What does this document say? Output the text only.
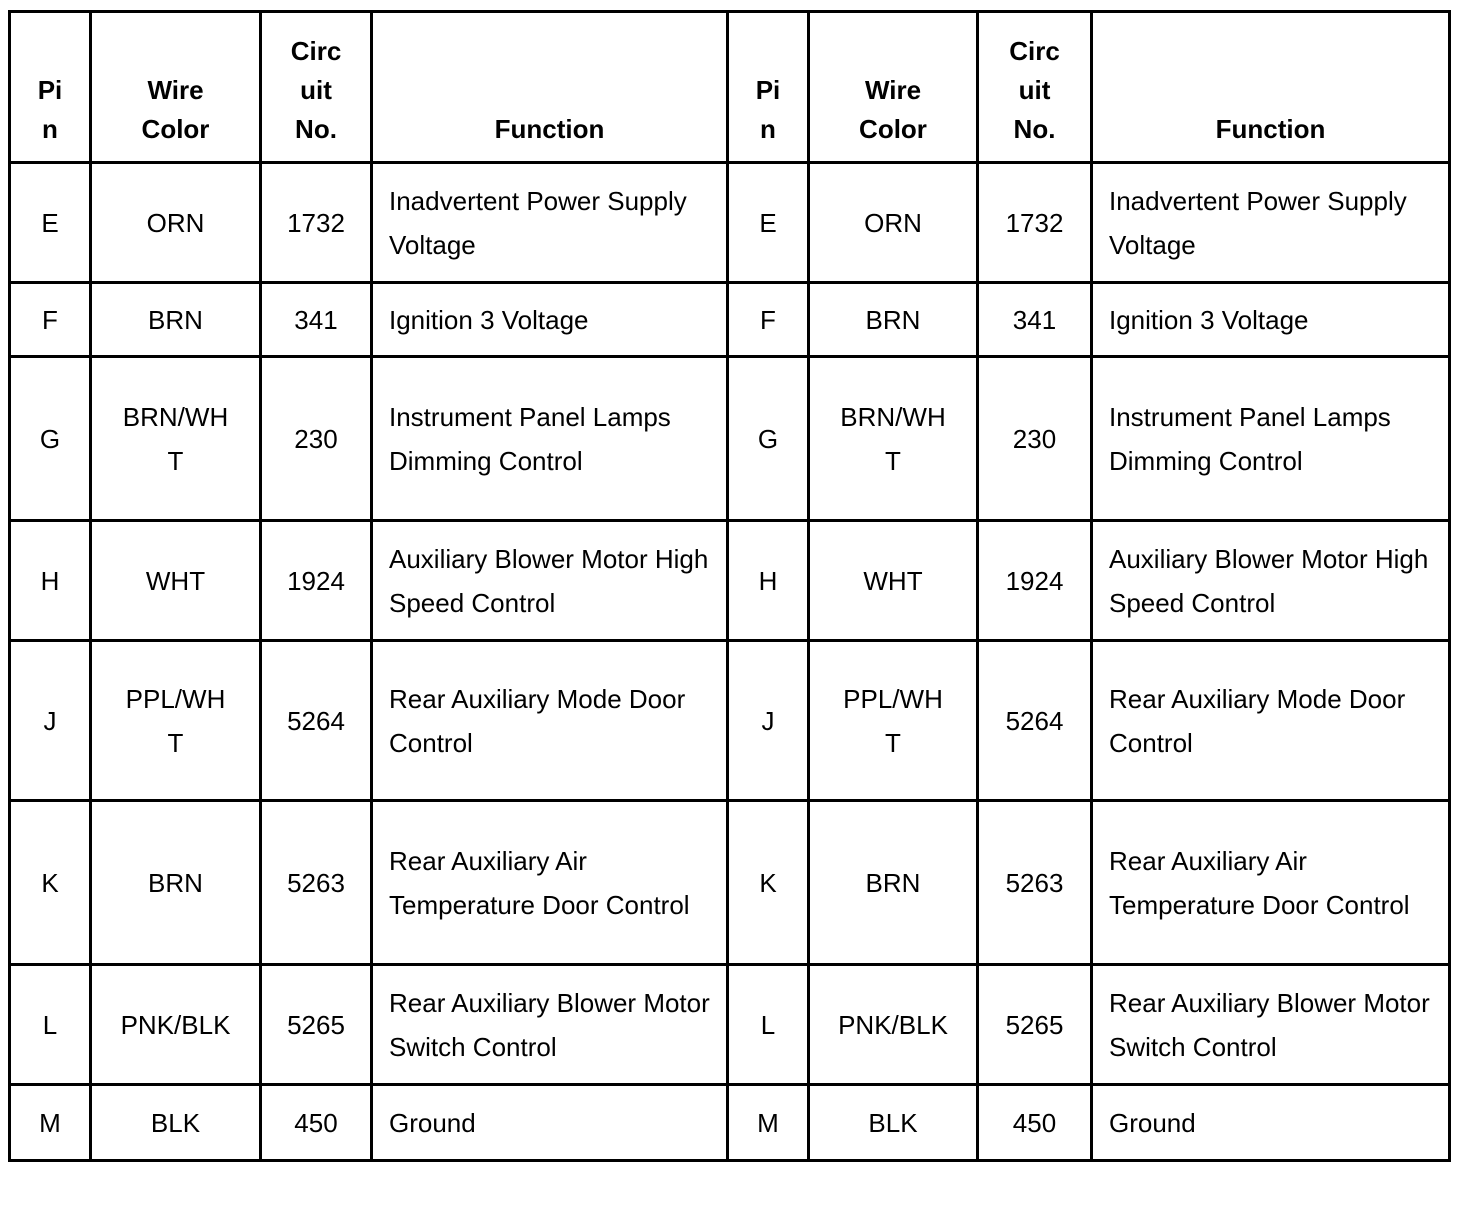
Pin	Wire Color	Circuit No.	Function	Pin	Wire Color	Circuit No.	Function
E	ORN	1732	Inadvertent Power Supply Voltage	E	ORN	1732	Inadvertent Power Supply Voltage
F	BRN	341	Ignition 3 Voltage	F	BRN	341	Ignition 3 Voltage
G	BRN/WHT	230	Instrument Panel Lamps Dimming Control	G	BRN/WHT	230	Instrument Panel Lamps Dimming Control
H	WHT	1924	Auxiliary Blower Motor High Speed Control	H	WHT	1924	Auxiliary Blower Motor High Speed Control
J	PPL/WHT	5264	Rear Auxiliary Mode Door Control	J	PPL/WHT	5264	Rear Auxiliary Mode Door Control
K	BRN	5263	Rear Auxiliary Air Temperature Door Control	K	BRN	5263	Rear Auxiliary Air Temperature Door Control
L	PNK/BLK	5265	Rear Auxiliary Blower Motor Switch Control	L	PNK/BLK	5265	Rear Auxiliary Blower Motor Switch Control
M	BLK	450	Ground	M	BLK	450	Ground
